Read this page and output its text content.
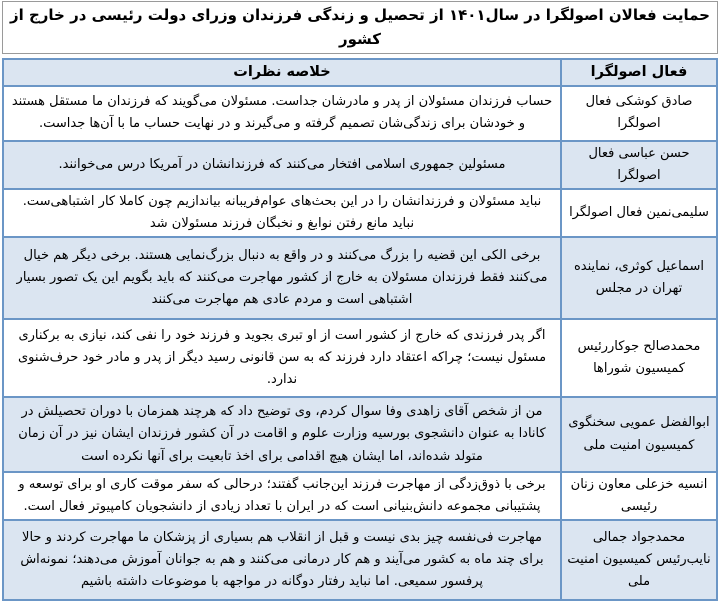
حمایت فعالان اصولگرا در سال۱۴۰۱ از تحصیل و زندگی فرزندان وزرای دولت رئیسی در خارج از کشور
فعال اصولگرا	خلاصه نظرات
صادق کوشکی فعال اصولگرا	حساب فرزندان مسئولان از پدر و مادرشان جداست. مسئولان می‌گویند که فرزندان ما مستقل هستند و خودشان برای زندگی‌شان تصمیم گرفته و می‌گیرند و در نهایت حساب ما با آن‌ها جداست.
حسن عباسی فعال اصولگرا	مسئولین جمهوری اسلامی افتخار می‌کنند که فرزندانشان در آمریکا درس می‌خوانند.
سلیمی‌نمین فعال اصولگرا	نباید مسئولان و فرزندانشان را در این بحث‌های عوام‌فریبانه بیاندازیم چون کاملا کار اشتباهی‌ست. نباید مانع رفتن نوابغ و نخبگان فرزند مسئولان شد
اسماعیل کوثری، نماینده تهران در مجلس	برخی الکی این قضیه را بزرگ می‌کنند و در واقع به دنبال بزرگ‌نمایی هستند. برخی دیگر هم خیال می‌کنند فقط فرزندان مسئولان به خارج از کشور مهاجرت می‌کنند که باید بگویم این یک تصور بسیار اشتباهی است و مردم عادی هم مهاجرت می‌کنند
محمدصالح جوکاررئیس کمیسیون شوراها	اگر پدر فرزندی که خارج از کشور است از او تبری بجوید و فرزند خود را نفی کند، نیازی به برکناری مسئول نیست؛ چراکه اعتقاد دارد فرزند که به سن قانونی رسید دیگر از پدر و مادر خود حرف‌شنوی ندارد.
ابوالفضل عمویی سخنگوی کمیسیون امنیت ملی	من از شخص آقای زاهدی وفا سوال کردم، وی توضیح داد که هرچند همزمان با دوران تحصیلش در کانادا به عنوان دانشجوی بورسیه وزارت علوم و اقامت در آن کشور فرزندان ایشان نیز در آن زمان متولد شده‌اند، اما ایشان هیچ اقدامی برای اخذ تابعیت برای آنها نکرده است
انسیه خزعلی معاون زنان رئیسی	برخی با ذوق‌زدگی از مهاجرت فرزند این‌جانب گفتند؛ درحالی که سفر موقت کاری او برای توسعه و پشتیبانی مجموعه دانش‌بنیانی است که در ایران با تعداد زیادی از دانشجویان کامپیوتر فعال است.
محمدجواد جمالی نایب‌رئیس کمیسیون امنیت ملی	مهاجرت فی‌نفسه چیز بدی نیست و قبل از انقلاب هم بسیاری از پزشکان ما مهاجرت کردند و حالا برای چند ماه به کشور می‌آیند و هم کار درمانی می‌کنند و هم به جوانان آموزش می‌دهند؛ نمونه‌اش پرفسور سمیعی. اما نباید رفتار دوگانه در مواجهه با موضوعات داشته باشیم
